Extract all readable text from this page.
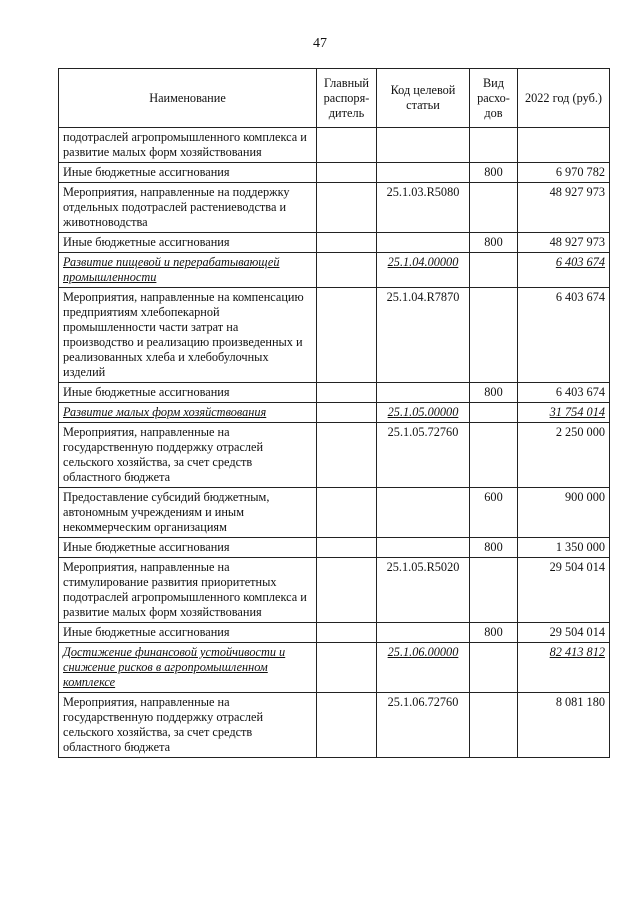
47
Наименование	Главный распоря-дитель	Код целевой статьи	Вид расхо-дов	2022 год (руб.)
подотраслей агропромышленного комплекса и развитие малых форм хозяйствования				
Иные бюджетные ассигнования			800	6 970 782
Мероприятия, направленные на поддержку отдельных подотраслей растениеводства и животноводства		25.1.03.R5080		48 927 973
Иные бюджетные ассигнования			800	48 927 973
Развитие пищевой и перерабатывающей промышленности		25.1.04.00000		6 403 674
Мероприятия, направленные на компенсацию предприятиям хлебопекарной промышленности части затрат на производство и реализацию произведенных и реализованных хлеба и хлебобулочных изделий		25.1.04.R7870		6 403 674
Иные бюджетные ассигнования			800	6 403 674
Развитие малых форм хозяйствования		25.1.05.00000		31 754 014
Мероприятия, направленные на государственную поддержку отраслей сельского хозяйства, за счет средств областного бюджета		25.1.05.72760		2 250 000
Предоставление субсидий бюджетным, автономным учреждениям и иным некоммерческим организациям			600	900 000
Иные бюджетные ассигнования			800	1 350 000
Мероприятия, направленные на стимулирование развития приоритетных подотраслей агропромышленного комплекса и развитие малых форм хозяйствования		25.1.05.R5020		29 504 014
Иные бюджетные ассигнования			800	29 504 014
Достижение финансовой устойчивости и снижение рисков в агропромышленном комплексе		25.1.06.00000		82 413 812
Мероприятия, направленные на государственную поддержку отраслей сельского хозяйства, за счет средств областного бюджета		25.1.06.72760		8 081 180
